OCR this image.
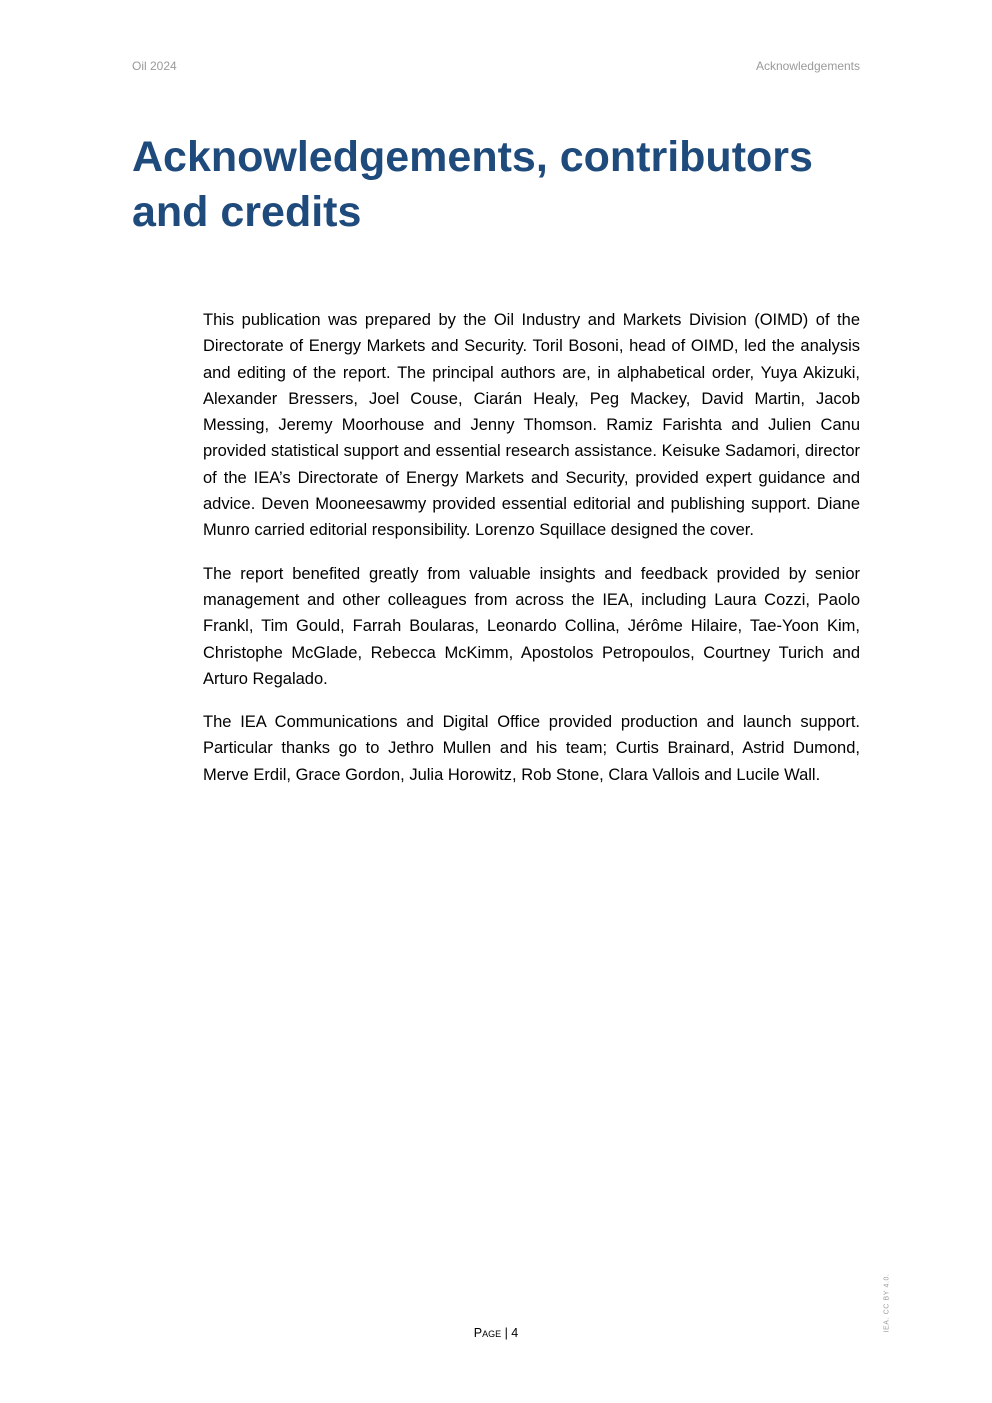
Oil 2024	Acknowledgements
Acknowledgements, contributors
and credits

This publication was prepared by the Oil Industry and Markets Division (OIMD) of the Directorate of Energy Markets and Security. Toril Bosoni, head of OIMD, led the analysis and editing of the report. The principal authors are, in alphabetical order, Yuya Akizuki, Alexander Bressers, Joel Couse, Ciarán Healy, Peg Mackey, David Martin, Jacob Messing, Jeremy Moorhouse and Jenny Thomson. Ramiz Farishta and Julien Canu provided statistical support and essential research assistance. Keisuke Sadamori, director of the IEA’s Directorate of Energy Markets and Security, provided expert guidance and advice. Deven Mooneesawmy provided essential editorial and publishing support. Diane Munro carried editorial responsibility. Lorenzo Squillace designed the cover.

The report benefited greatly from valuable insights and feedback provided by senior management and other colleagues from across the IEA, including Laura Cozzi, Paolo Frankl, Tim Gould, Farrah Boularas, Leonardo Collina, Jérôme Hilaire, Tae-Yoon Kim, Christophe McGlade, Rebecca McKimm, Apostolos Petropoulos, Courtney Turich and Arturo Regalado.

The IEA Communications and Digital Office provided production and launch support. Particular thanks go to Jethro Mullen and his team; Curtis Brainard, Astrid Dumond, Merve Erdil, Grace Gordon, Julia Horowitz, Rob Stone, Clara Vallois and Lucile Wall.

Page | 4
IEA. CC BY 4.0.
